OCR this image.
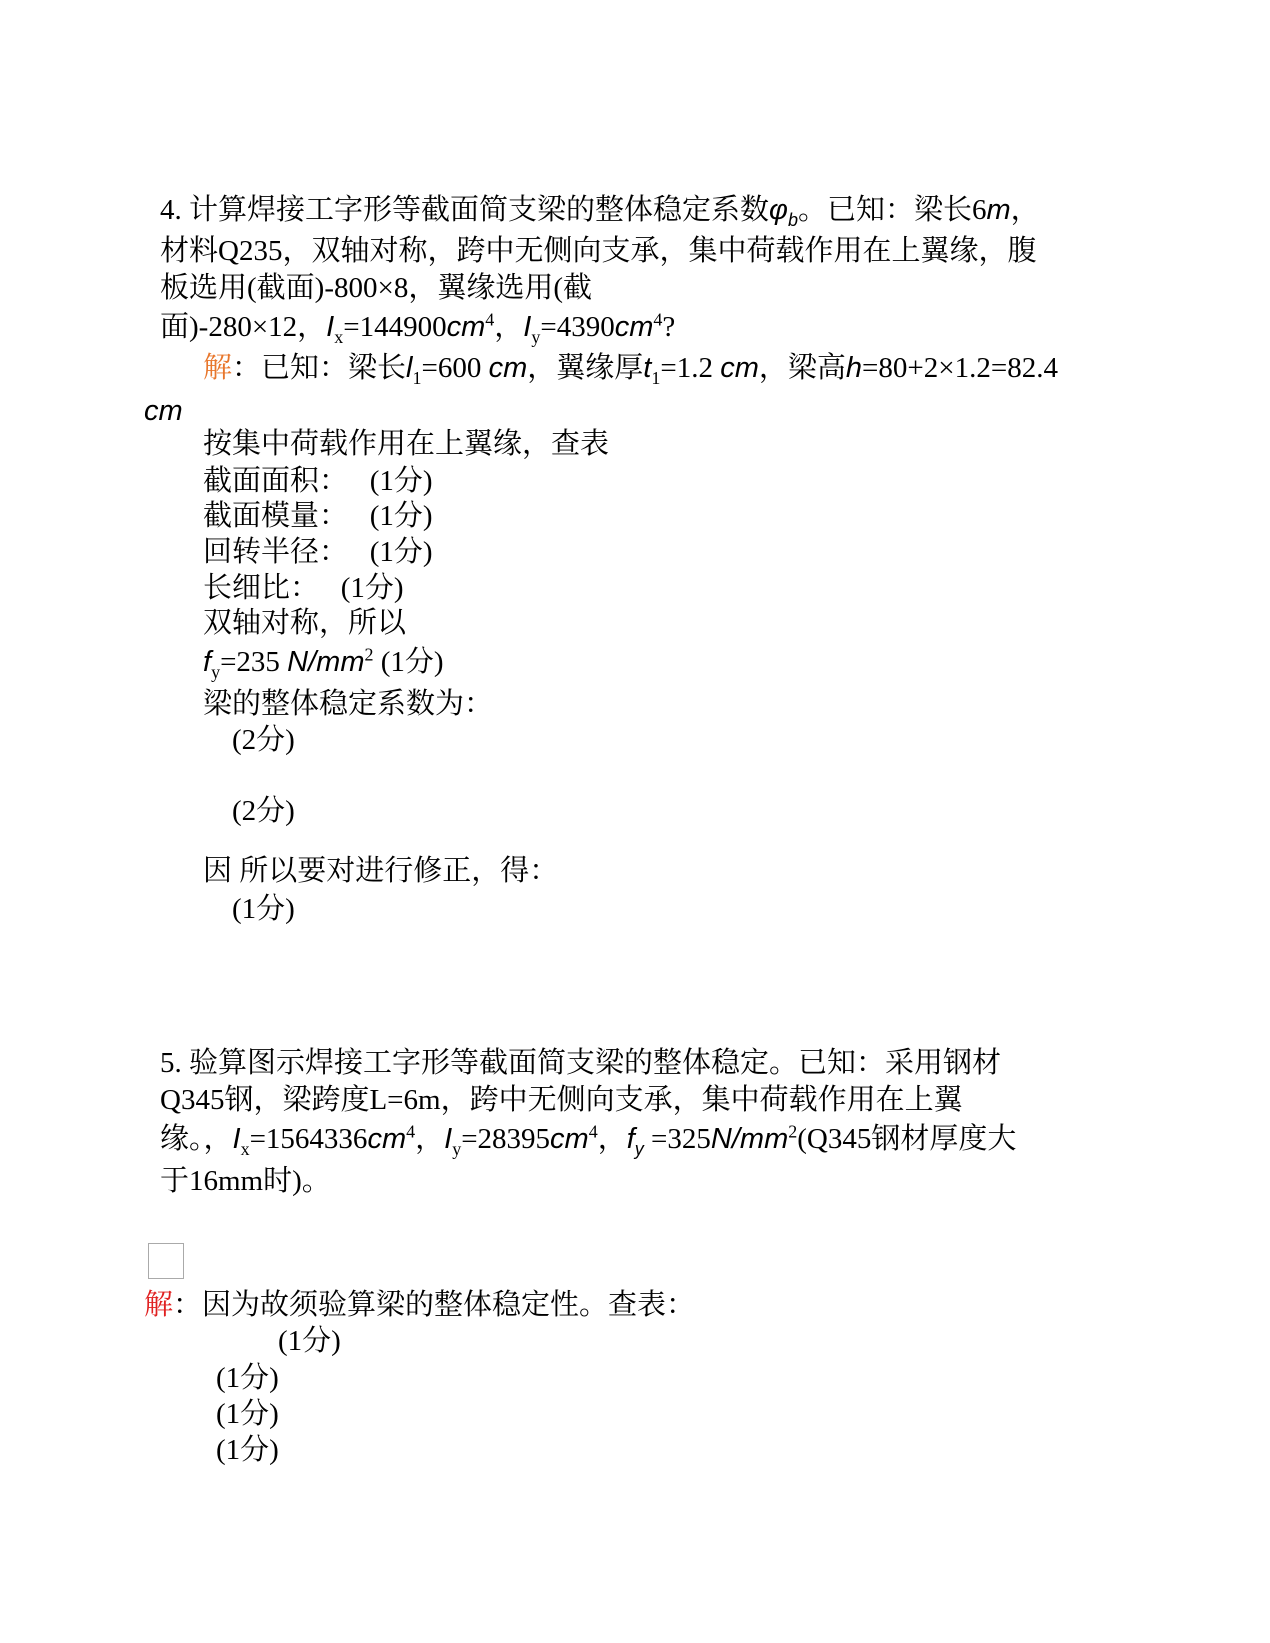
4. 计算焊接工字形等截面简支梁的整体稳定系数$\varphi_b$。已知：梁长6m，
材料Q235，双轴对称，跨中无侧向支承，集中荷载作用在上翼缘，腹
板选用(截面)-800×8，翼缘选用(截
面)-280×12，$I_x=144900cm^4$，$I_y=4390cm^4$?
解：已知：梁长$l_1=600$ cm，翼缘厚$t_1=1.2$ cm，梁高h=80+2×1.2=82.4
cm
按集中荷载作用在上翼缘，查表
截面面积：　 (1分)
截面模量：　 (1分)
回转半径：　 (1分)
长细比：　 (1分)
双轴对称，所以
$f_y=235$ $N/mm^2$ (1分)
梁的整体稳定系数为：
(2分)
(2分)
因 所以要对进行修正，得：
(1分)
5. 验算图示焊接工字形等截面简支梁的整体稳定。已知：采用钢材
Q345钢，梁跨度L=6m，跨中无侧向支承，集中荷载作用在上翼
缘。，$I_x=1564336cm^4$，$I_y=28395cm^4$，$f_y =325N/mm^2(Q345$钢材厚度大
于16mm时)。
解：因为故须验算梁的整体稳定性。查表：
(1分)
(1分)
(1分)
(1分)
